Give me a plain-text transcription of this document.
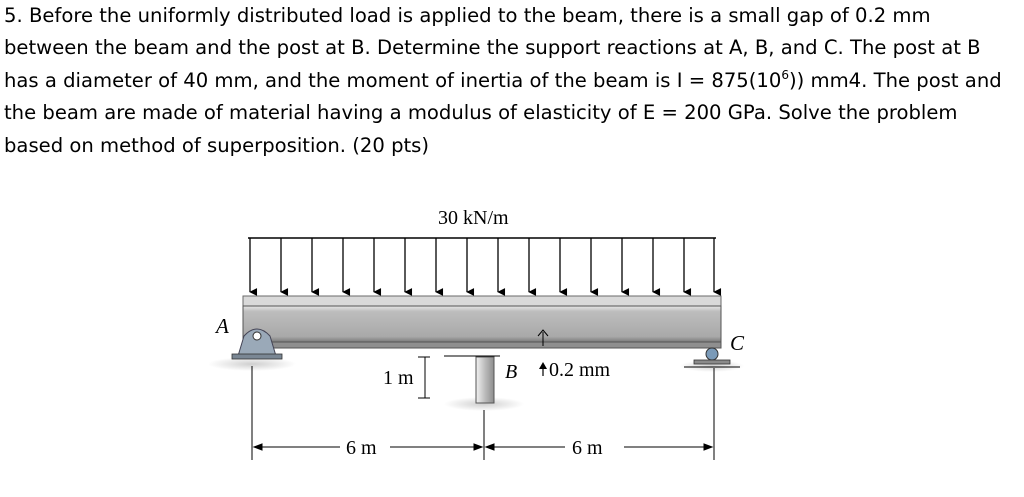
5. Before the uniformly distributed load is applied to the beam, there is a small gap of 0.2 mm between the beam and the post at B. Determine the support reactions at A, B, and C. The post at B has a diameter of 40 mm, and the moment of inertia of the beam is $I = 875(10^6)$) mm4. The post and the beam are made of material having a modulus of elasticity of E = 200 GPa. Solve the problem based on method of superposition. (20 pts)

30 kN/m
A
B
1 m	0.2 mm
C
6 m	6 m
